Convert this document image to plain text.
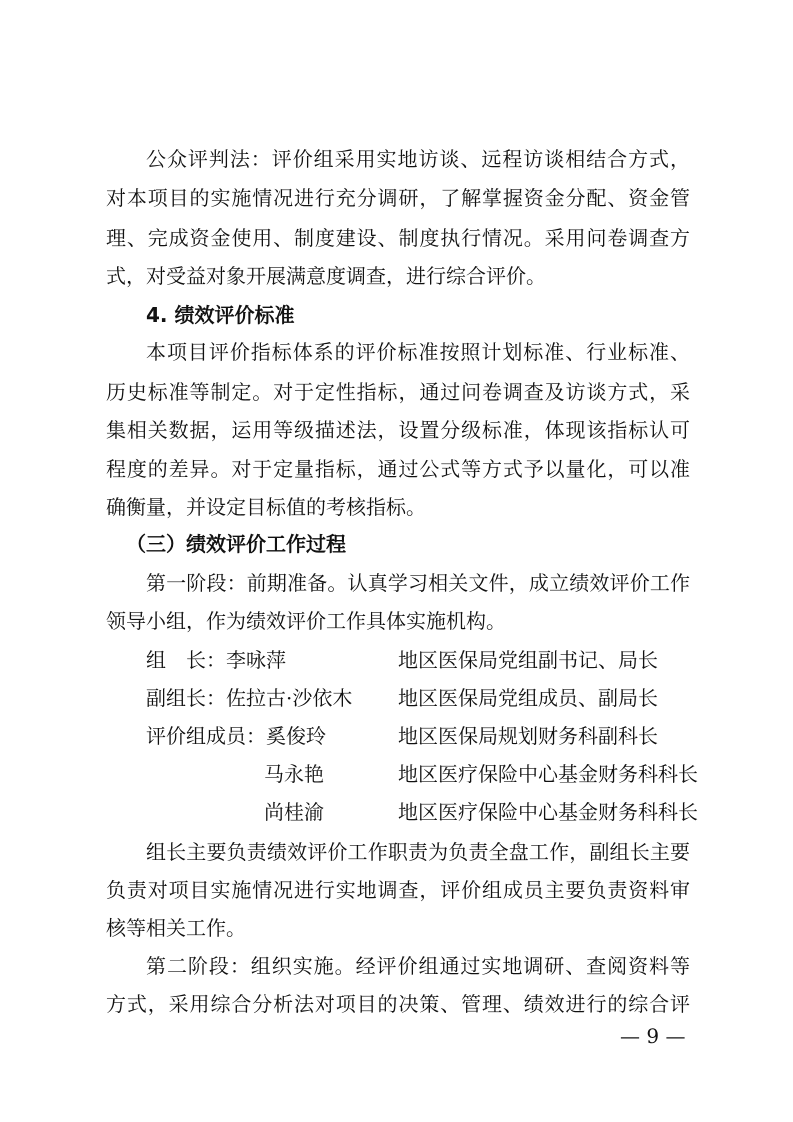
公众评判法：评价组采用实地访谈、远程访谈相结合方式，
对本项目的实施情况进行充分调研，了解掌握资金分配、资金管
理、完成资金使用、制度建设、制度执行情况。采用问卷调查方
式，对受益对象开展满意度调查，进行综合评价。
4. 绩效评价标准
本项目评价指标体系的评价标准按照计划标准、行业标准、
历史标准等制定。对于定性指标，通过问卷调查及访谈方式，采
集相关数据，运用等级描述法，设置分级标准，体现该指标认可
程度的差异。对于定量指标，通过公式等方式予以量化，可以准
确衡量，并设定目标值的考核指标。
（三）绩效评价工作过程
第一阶段：前期准备。认真学习相关文件，成立绩效评价工作
领导小组，作为绩效评价工作具体实施机构。
组　长：李咏萍	地区医保局党组副书记、局长
副组长：佐拉古·沙依木 地区医保局党组成员、副局长
评价组成员：奚俊玲	地区医保局规划财务科副科长
马永艳	地区医疗保险中心基金财务科科长
尚桂渝	地区医疗保险中心基金财务科科长
组长主要负责绩效评价工作职责为负责全盘工作，副组长主要
负责对项目实施情况进行实地调查，评价组成员主要负责资料审
核等相关工作。
第二阶段：组织实施。经评价组通过实地调研、查阅资料等
方式，采用综合分析法对项目的决策、管理、绩效进行的综合评
— 9 —
